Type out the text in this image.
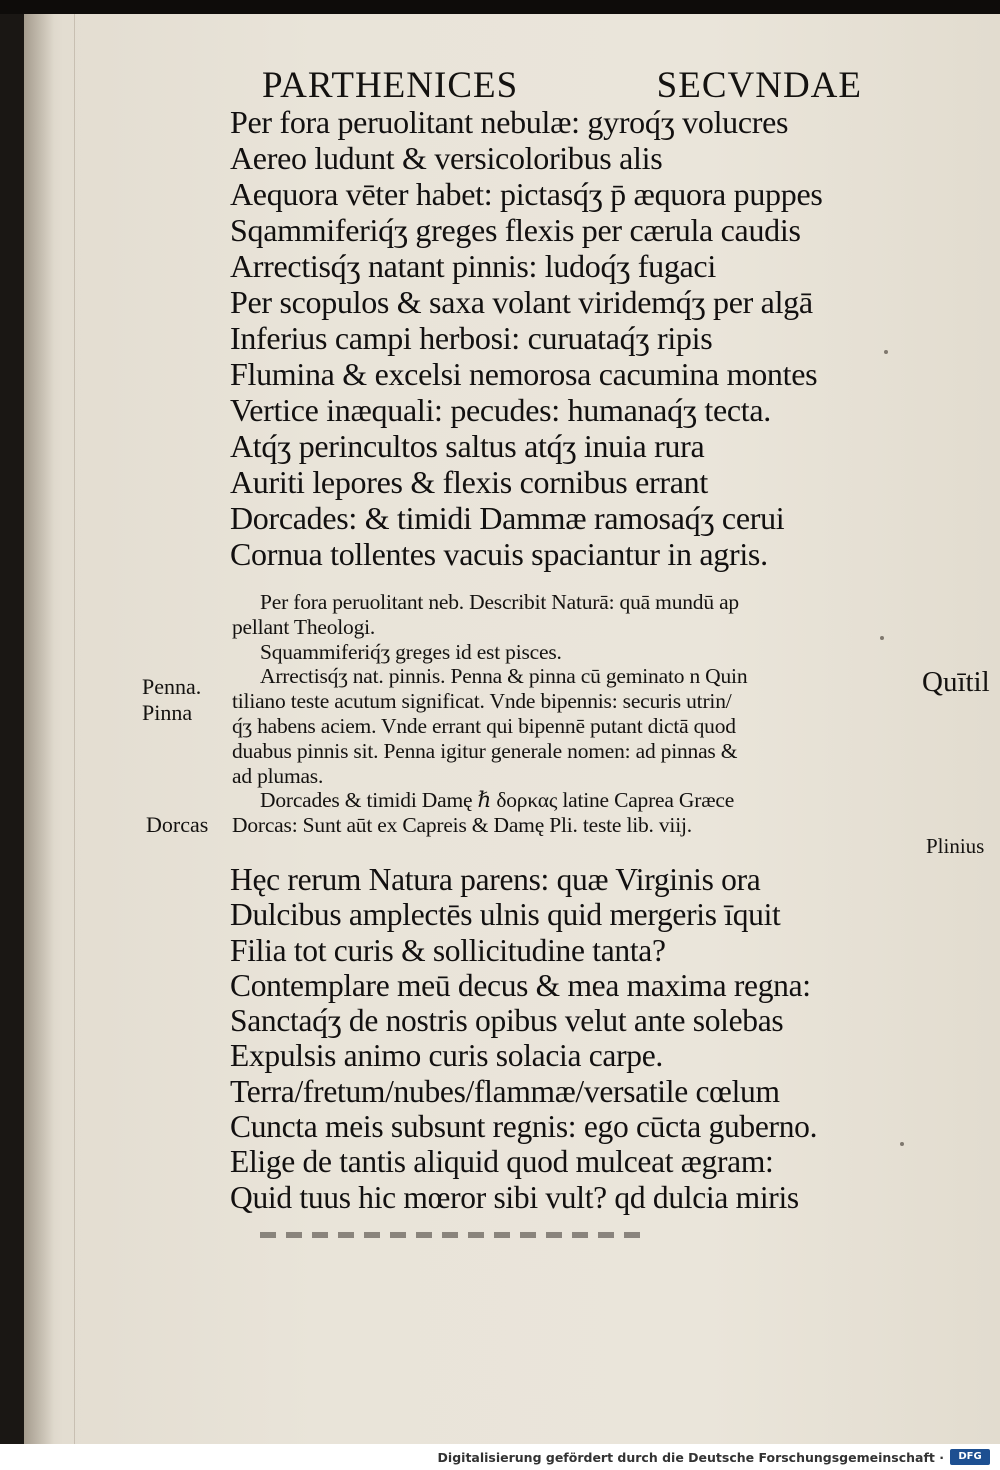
PARTHENICES	SECVNDAE
Per fora peruolitant nebulæ: gyroq́ʒ volucres
Aereo ludunt & versicoloribus alis
Aequora vēter habet: pictasq́ʒ p̄ æquora puppes
Sqammiferiq́ʒ greges flexis per cærula caudis
Arrectisq́ʒ natant pinnis: ludoq́ʒ fugaci
Per scopulos & saxa volant viridemq́ʒ per algā
Inferius campi herbosi: curuataq́ʒ ripis
Flumina & excelsi nemorosa cacumina montes
Vertice inæquali: pecudes: humanaq́ʒ tecta.
Atq́ʒ perincultos saltus atq́ʒ inuia rura
Auriti lepores & flexis cornibus errant
Dorcades: & timidi Dammæ ramosaq́ʒ cerui
Cornua tollentes vacuis spaciantur in agris.
Per fora peruolitant neb. Describit Naturā: quā mundū ap
pellant Theologi.
Squammiferiq́ʒ greges id est pisces.
Arrectisq́ʒ nat. pinnis. Penna & pinna cū geminato n Quin
tiliano teste acutum significat. Vnde bipennis: securis utrin/
q́ʒ habens aciem. Vnde errant qui bipennē putant dictā quod
duabus pinnis sit. Penna igitur generale nomen: ad pinnas &
ad plumas.
Dorcades & timidi Damę ℏ δορκας latine Caprea Græce
Dorcas: Sunt aūt ex Capreis & Damę Pli. teste lib. viij.
Hęc rerum Natura parens: quæ Virginis ora
Dulcibus amplectēs ulnis quid mergeris īquit
Filia tot curis & sollicitudine tanta?
Contemplare meū decus & mea maxima regna:
Sanctaq́ʒ de nostris opibus velut ante solebas
Expulsis animo curis solacia carpe.
Terra/fretum/nubes/flammæ/versatile cœlum
Cuncta meis subsunt regnis: ego cūcta guberno.
Elige de tantis aliquid quod mulceat ægram:
Quid tuus hic mœror sibi vult? qd dulcia miris
Penna.
Pinna
Dorcas
Quītil
Plinius
Digitalisierung gefördert durch die Deutsche Forschungsgemeinschaft ·	DFG
